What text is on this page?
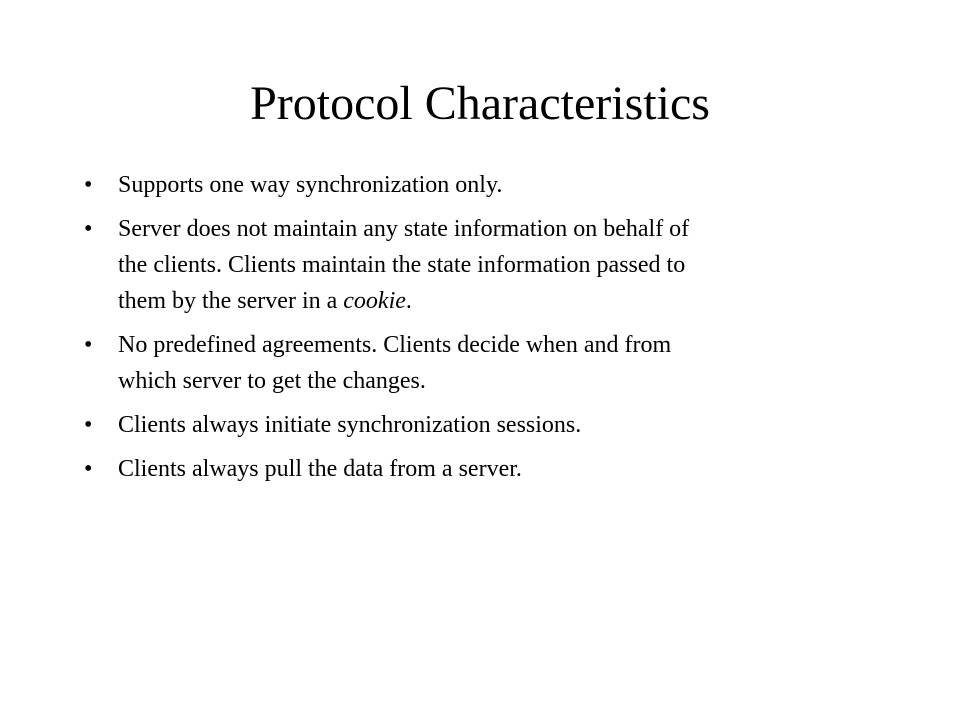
Protocol Characteristics
• Supports one way synchronization only.
• Server does not maintain any state information on behalf of
the clients. Clients maintain the state information passed to
them by the server in a cookie.
• No predefined agreements. Clients decide when and from
which server to get the changes.
• Clients always initiate synchronization sessions.
• Clients always pull the data from a server.
